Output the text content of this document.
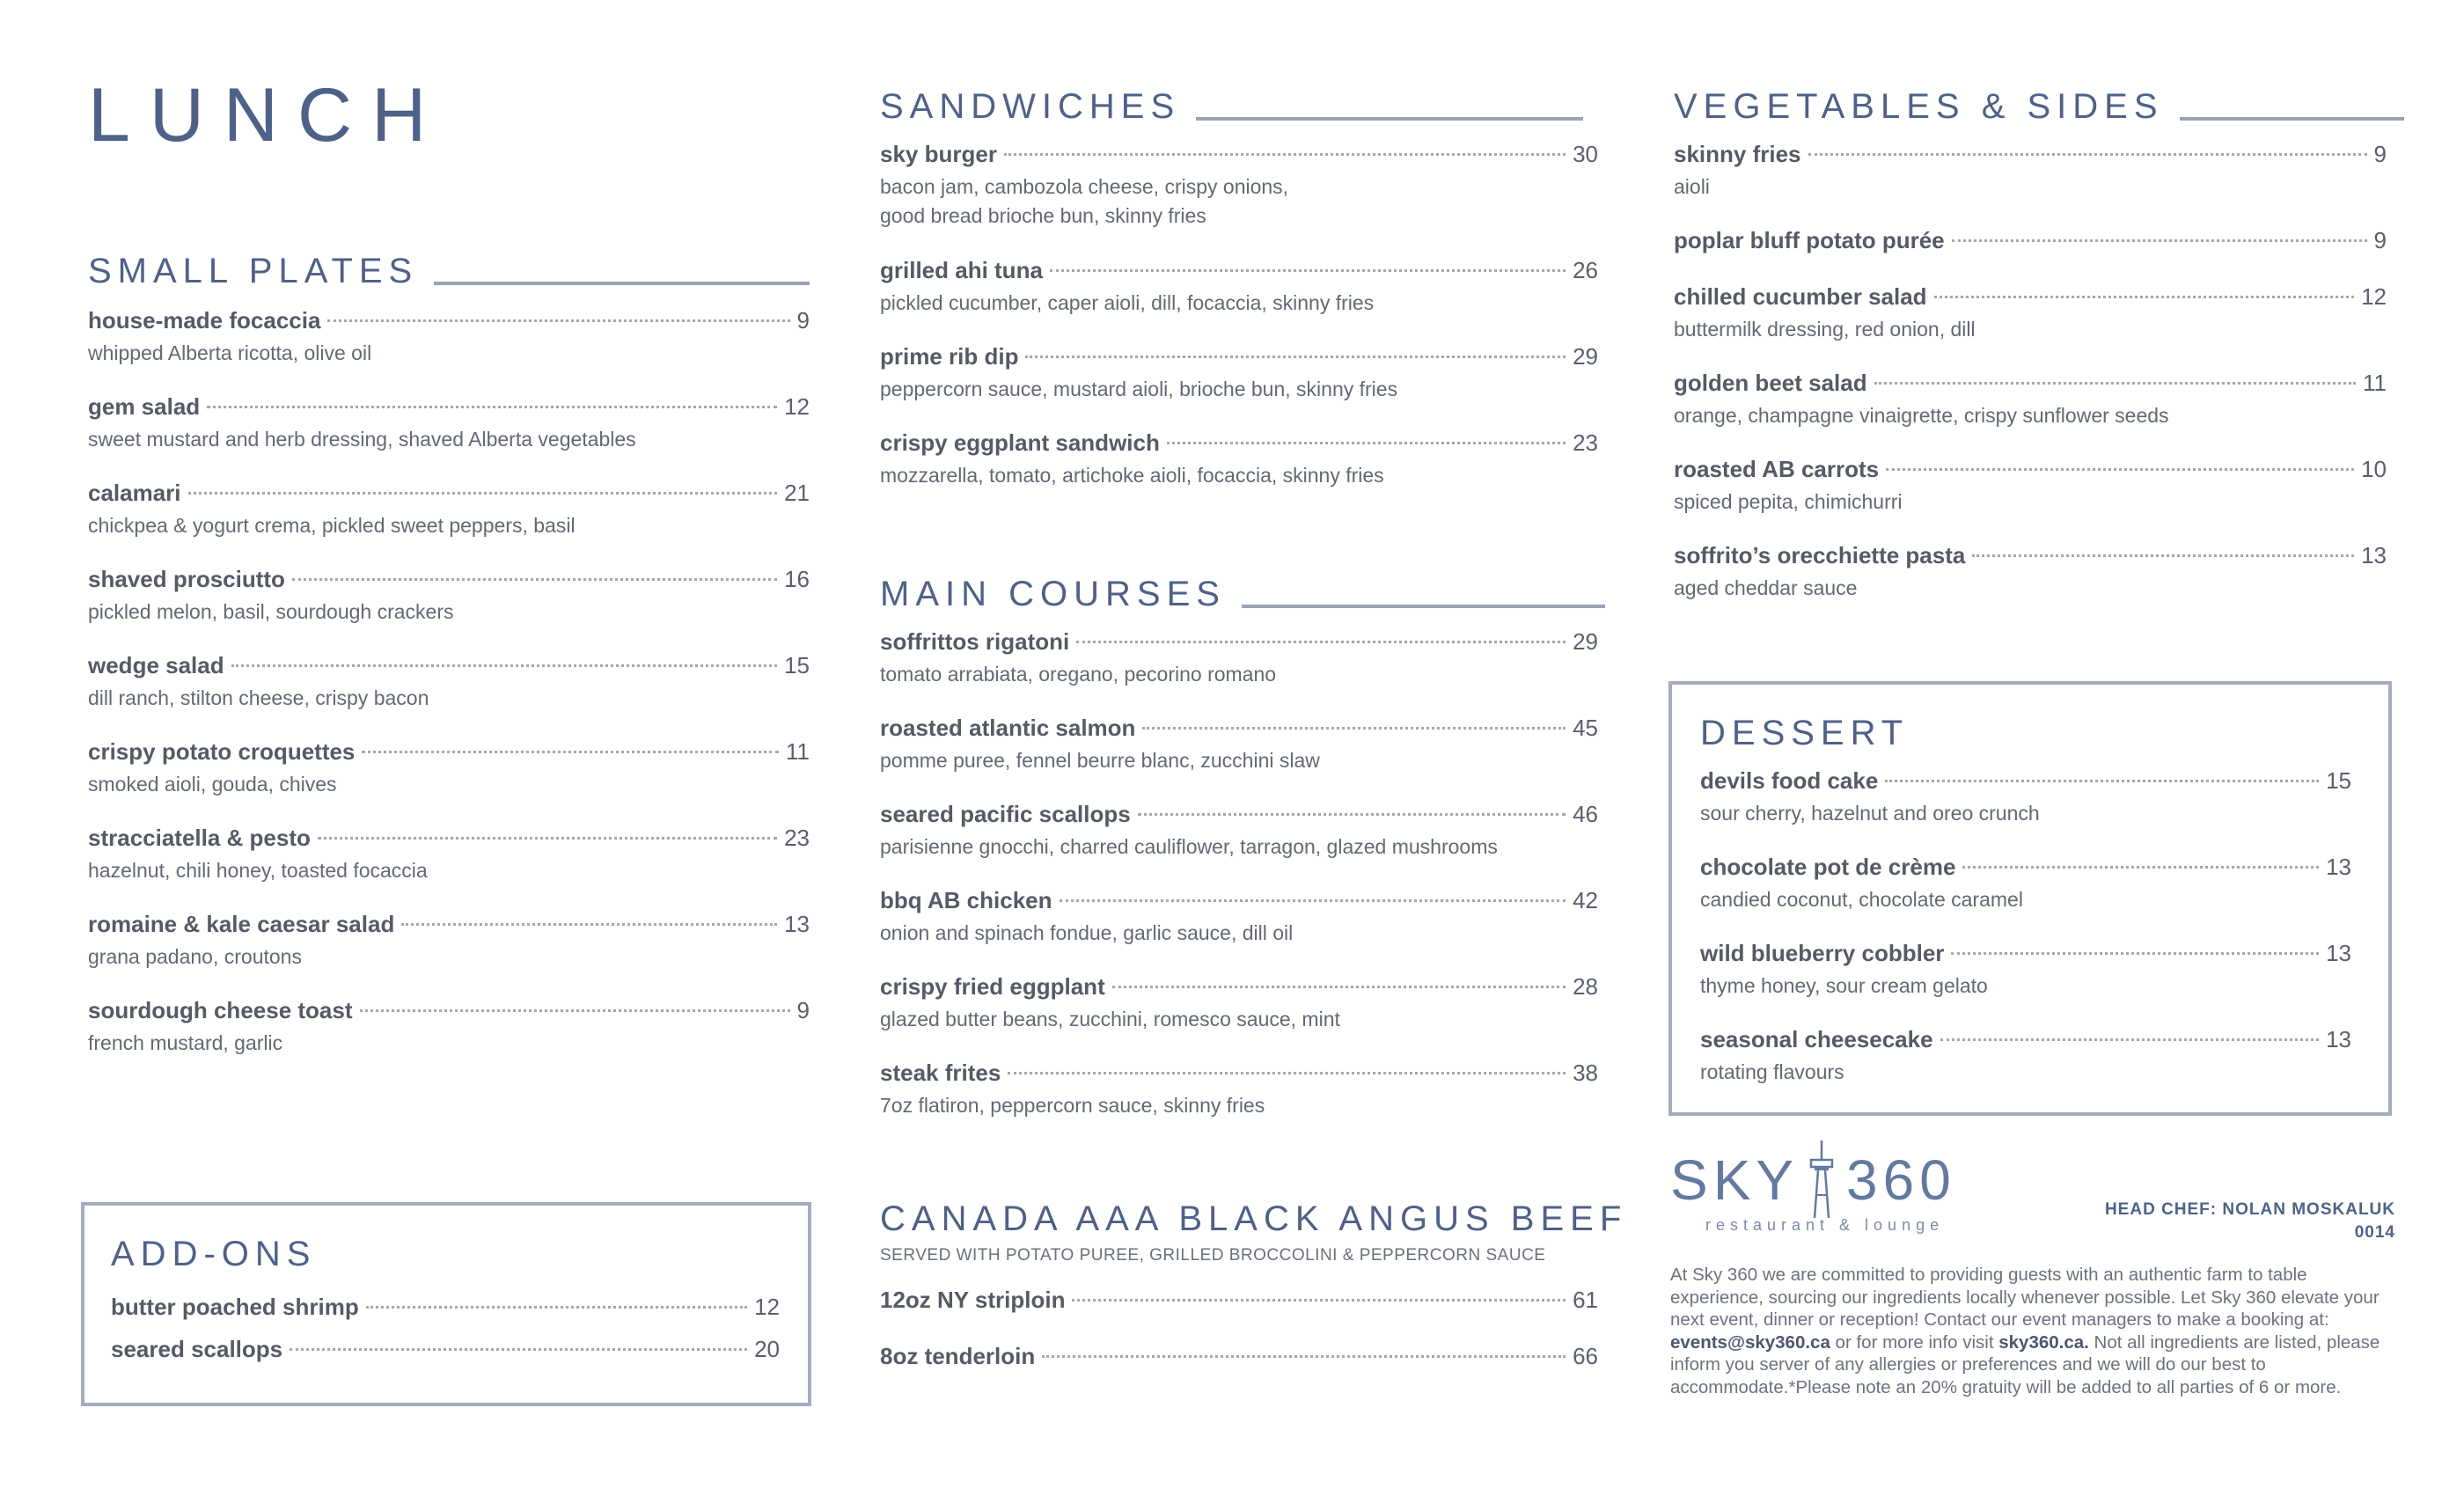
LUNCH
SMALL PLATES
house-made focaccia	9
whipped Alberta ricotta, olive oil
gem salad	12
sweet mustard and herb dressing, shaved Alberta vegetables
calamari	21
chickpea & yogurt crema, pickled sweet peppers, basil
shaved prosciutto	16
pickled melon, basil, sourdough crackers
wedge salad	15
dill ranch, stilton cheese, crispy bacon
crispy potato croquettes	11
smoked aioli, gouda, chives
stracciatella & pesto	23
hazelnut, chili honey, toasted focaccia
romaine & kale caesar salad	13
grana padano, croutons
sourdough cheese toast	9
french mustard, garlic
ADD-ONS
butter poached shrimp	12
seared scallops	20
SANDWICHES
sky burger	30
bacon jam, cambozola cheese, crispy onions,
good bread brioche bun, skinny fries
grilled ahi tuna	26
pickled cucumber, caper aioli, dill, focaccia, skinny fries
prime rib dip	29
peppercorn sauce, mustard aioli, brioche bun, skinny fries
crispy eggplant sandwich	23
mozzarella, tomato, artichoke aioli, focaccia, skinny fries
MAIN COURSES
soffrittos rigatoni	29
tomato arrabiata, oregano, pecorino romano
roasted atlantic salmon	45
pomme puree, fennel beurre blanc, zucchini slaw
seared pacific scallops	46
parisienne gnocchi, charred cauliflower, tarragon, glazed mushrooms
bbq AB chicken	42
onion and spinach fondue, garlic sauce, dill oil
crispy fried eggplant	28
glazed butter beans, zucchini, romesco sauce, mint
steak frites	38
7oz flatiron, peppercorn sauce, skinny fries
CANADA AAA BLACK ANGUS BEEF
SERVED WITH POTATO PUREE, GRILLED BROCCOLINI & PEPPERCORN SAUCE
12oz NY striploin	61
8oz tenderloin	66
VEGETABLES & SIDES
skinny fries	9
aioli
poplar bluff potato purée	9
chilled cucumber salad	12
buttermilk dressing, red onion, dill
golden beet salad	11
orange, champagne vinaigrette, crispy sunflower seeds
roasted AB carrots	10
spiced pepita, chimichurri
soffrito’s orecchiette pasta	13
aged cheddar sauce
DESSERT
devils food cake	15
sour cherry, hazelnut and oreo crunch
chocolate pot de crème	13
candied coconut, chocolate caramel
wild blueberry cobbler	13
thyme honey, sour cream gelato
seasonal cheesecake	13
rotating flavours
SKY 360
restaurant & lounge
HEAD CHEF: NOLAN MOSKALUK
0014
At Sky 360 we are committed to providing guests with an authentic farm to table experience, sourcing our ingredients locally whenever possible. Let Sky 360 elevate your next event, dinner or reception! Contact our event managers to make a booking at: events@sky360.ca or for more info visit sky360.ca. Not all ingredients are listed, please inform you server of any allergies or preferences and we will do our best to accommodate.*Please note an 20% gratuity will be added to all parties of 6 or more.
